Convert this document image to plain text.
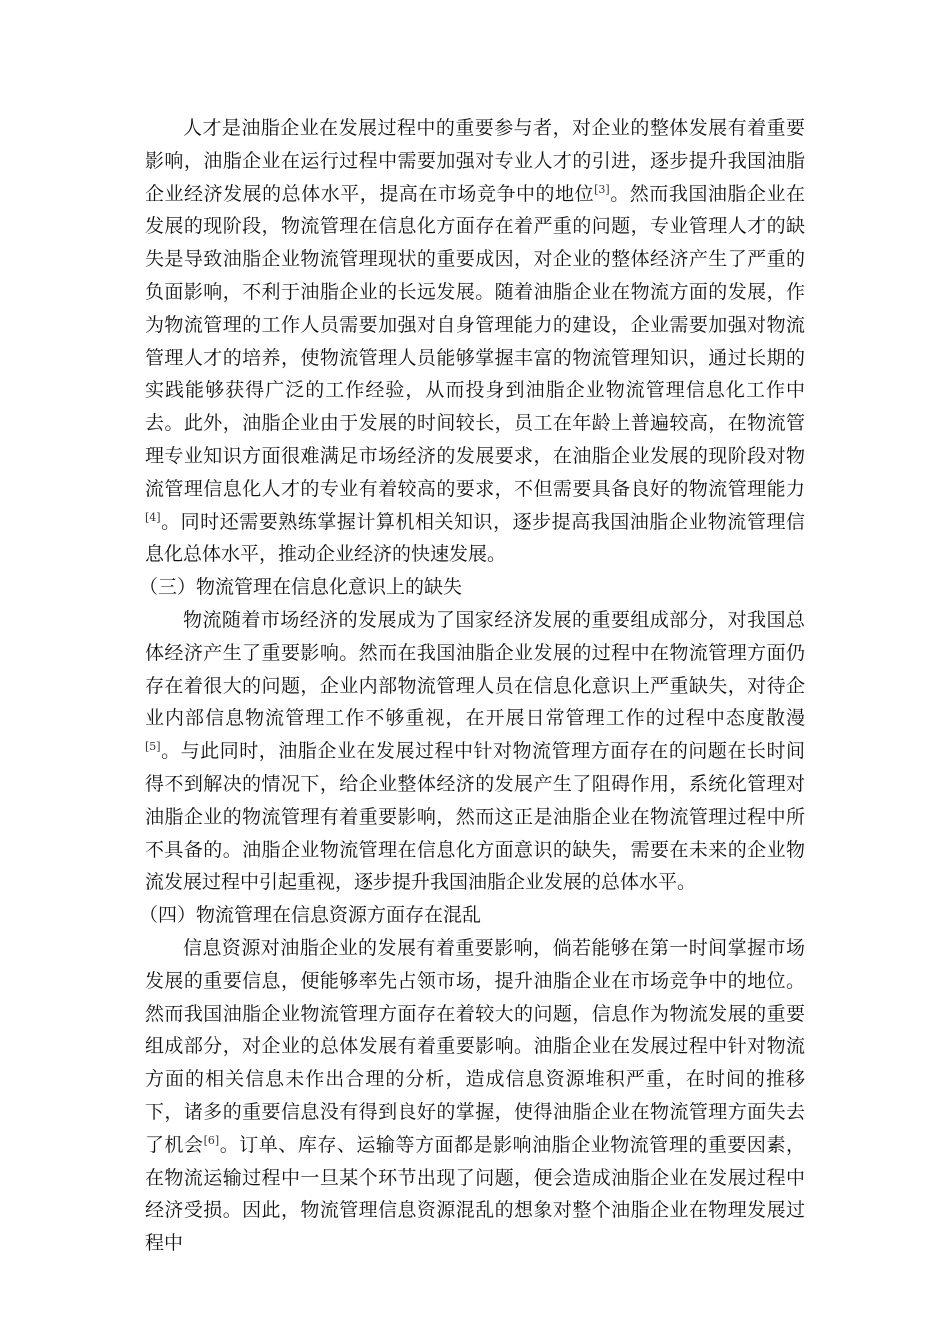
人才是油脂企业在发展过程中的重要参与者，对企业的整体发展有着重要影响，油脂企业在运行过程中需要加强对专业人才的引进，逐步提升我国油脂企业经济发展的总体水平，提高在市场竞争中的地位[3]。然而我国油脂企业在发展的现阶段，物流管理在信息化方面存在着严重的问题，专业管理人才的缺失是导致油脂企业物流管理现状的重要成因，对企业的整体经济产生了严重的负面影响，不利于油脂企业的长远发展。随着油脂企业在物流方面的发展，作为物流管理的工作人员需要加强对自身管理能力的建设，企业需要加强对物流管理人才的培养，使物流管理人员能够掌握丰富的物流管理知识，通过长期的实践能够获得广泛的工作经验，从而投身到油脂企业物流管理信息化工作中去。此外，油脂企业由于发展的时间较长，员工在年龄上普遍较高，在物流管理专业知识方面很难满足市场经济的发展要求，在油脂企业发展的现阶段对物流管理信息化人才的专业有着较高的要求，不但需要具备良好的物流管理能力[4]。同时还需要熟练掌握计算机相关知识，逐步提高我国油脂企业物流管理信息化总体水平，推动企业经济的快速发展。

（三）物流管理在信息化意识上的缺失

物流随着市场经济的发展成为了国家经济发展的重要组成部分，对我国总体经济产生了重要影响。然而在我国油脂企业发展的过程中在物流管理方面仍存在着很大的问题，企业内部物流管理人员在信息化意识上严重缺失，对待企业内部信息物流管理工作不够重视，在开展日常管理工作的过程中态度散漫[5]。与此同时，油脂企业在发展过程中针对物流管理方面存在的问题在长时间得不到解决的情况下，给企业整体经济的发展产生了阻碍作用，系统化管理对油脂企业的物流管理有着重要影响，然而这正是油脂企业在物流管理过程中所不具备的。油脂企业物流管理在信息化方面意识的缺失，需要在未来的企业物流发展过程中引起重视，逐步提升我国油脂企业发展的总体水平。

（四）物流管理在信息资源方面存在混乱

信息资源对油脂企业的发展有着重要影响，倘若能够在第一时间掌握市场发展的重要信息，便能够率先占领市场，提升油脂企业在市场竞争中的地位。然而我国油脂企业物流管理方面存在着较大的问题，信息作为物流发展的重要组成部分，对企业的总体发展有着重要影响。油脂企业在发展过程中针对物流方面的相关信息未作出合理的分析，造成信息资源堆积严重，在时间的推移下，诸多的重要信息没有得到良好的掌握，使得油脂企业在物流管理方面失去了机会[6]。订单、库存、运输等方面都是影响油脂企业物流管理的重要因素，在物流运输过程中一旦某个环节出现了问题，便会造成油脂企业在发展过程中经济受损。因此，物流管理信息资源混乱的想象对整个油脂企业在物理发展过程中
